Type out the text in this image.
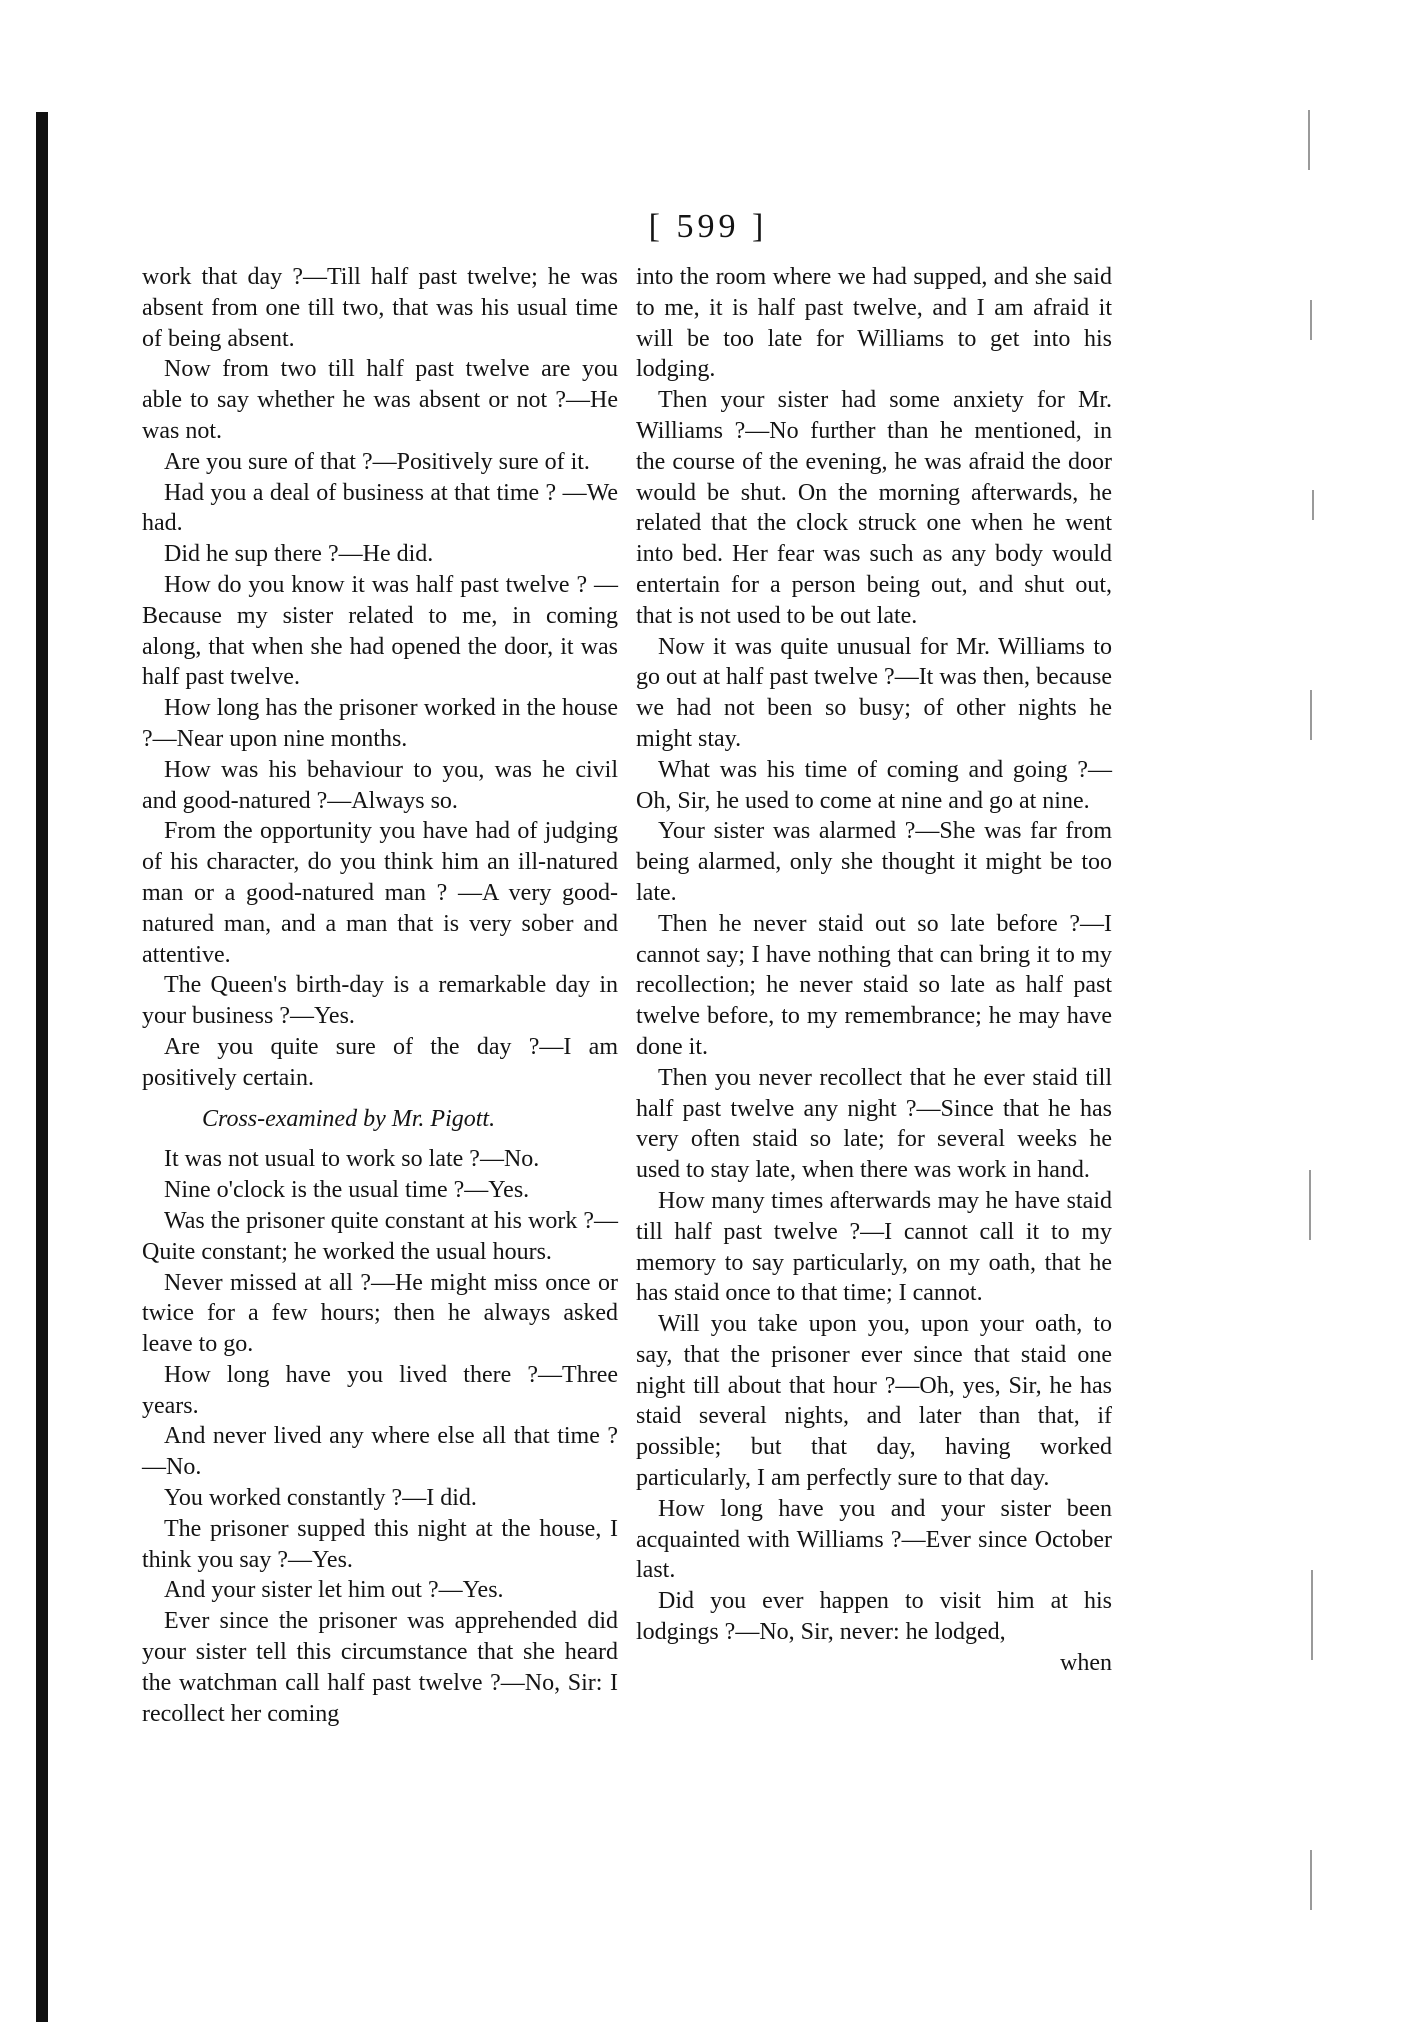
[ 599 ]

work that day ?—Till half past twelve; he was absent from one till two, that was his usual time of being absent.

Now from two till half past twelve are you able to say whether he was absent or not ?—He was not.

Are you sure of that ?—Positively sure of it.

Had you a deal of business at that time ? —We had.

Did he sup there ?—He did.

How do you know it was half past twelve ? —Because my sister related to me, in coming along, that when she had opened the door, it was half past twelve.

How long has the prisoner worked in the house ?—Near upon nine months.

How was his behaviour to you, was he civil and good-natured ?—Always so.

From the opportunity you have had of judging of his character, do you think him an ill-natured man or a good-natured man ? —A very good-natured man, and a man that is very sober and attentive.

The Queen's birth-day is a remarkable day in your business ?—Yes.

Are you quite sure of the day ?—I am positively certain.

Cross-examined by Mr. Pigott.

It was not usual to work so late ?—No.

Nine o'clock is the usual time ?—Yes.

Was the prisoner quite constant at his work ?—Quite constant; he worked the usual hours.

Never missed at all ?—He might miss once or twice for a few hours; then he always asked leave to go.

How long have you lived there ?—Three years.

And never lived any where else all that time ?—No.

You worked constantly ?—I did.

The prisoner supped this night at the house, I think you say ?—Yes.

And your sister let him out ?—Yes.

Ever since the prisoner was apprehended did your sister tell this circumstance that she heard the watchman call half past twelve ?—No, Sir: I recollect her coming

into the room where we had supped, and she said to me, it is half past twelve, and I am afraid it will be too late for Williams to get into his lodging.

Then your sister had some anxiety for Mr. Williams ?—No further than he mentioned, in the course of the evening, he was afraid the door would be shut. On the morning afterwards, he related that the clock struck one when he went into bed. Her fear was such as any body would entertain for a person being out, and shut out, that is not used to be out late.

Now it was quite unusual for Mr. Williams to go out at half past twelve ?—It was then, because we had not been so busy; of other nights he might stay.

What was his time of coming and going ?—Oh, Sir, he used to come at nine and go at nine.

Your sister was alarmed ?—She was far from being alarmed, only she thought it might be too late.

Then he never staid out so late before ?—I cannot say; I have nothing that can bring it to my recollection; he never staid so late as half past twelve before, to my remembrance; he may have done it.

Then you never recollect that he ever staid till half past twelve any night ?—Since that he has very often staid so late; for several weeks he used to stay late, when there was work in hand.

How many times afterwards may he have staid till half past twelve ?—I cannot call it to my memory to say particularly, on my oath, that he has staid once to that time; I cannot.

Will you take upon you, upon your oath, to say, that the prisoner ever since that staid one night till about that hour ?—Oh, yes, Sir, he has staid several nights, and later than that, if possible; but that day, having worked particularly, I am perfectly sure to that day.

How long have you and your sister been acquainted with Williams ?—Ever since October last.

Did you ever happen to visit him at his lodgings ?—No, Sir, never: he lodged,

when
